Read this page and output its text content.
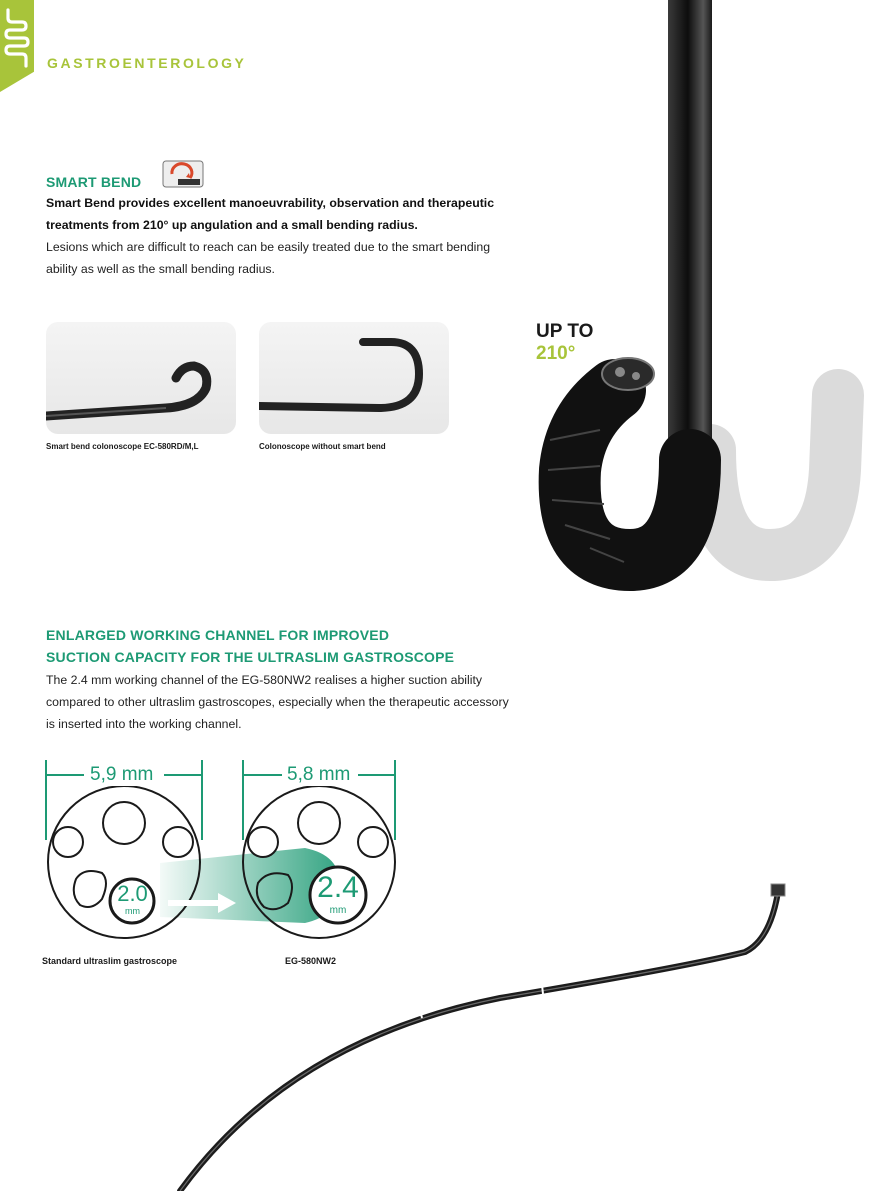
GASTROENTEROLOGY
SMART BEND
Smart Bend provides excellent manoeuvrability, observation and therapeutic
treatments from 210° up angulation and a small bending radius.
Lesions which are difficult to reach can be easily treated due to the smart bending
ability as well as the small bending radius.
Smart bend colonoscope EC-580RD/M,L	Colonoscope without smart bend
UP TO
210°
ENLARGED WORKING CHANNEL FOR IMPROVED
SUCTION CAPACITY FOR THE ULTRASLIM GASTROSCOPE
The 2.4 mm working channel of the EG-580NW2 realises a higher suction ability
compared to other ultraslim gastroscopes, especially when the therapeutic accessory
is inserted into the working channel.
5,9 mm	5,8 mm
2.0
mm
2.4
mm
Standard ultraslim gastroscope	EG-580NW2
